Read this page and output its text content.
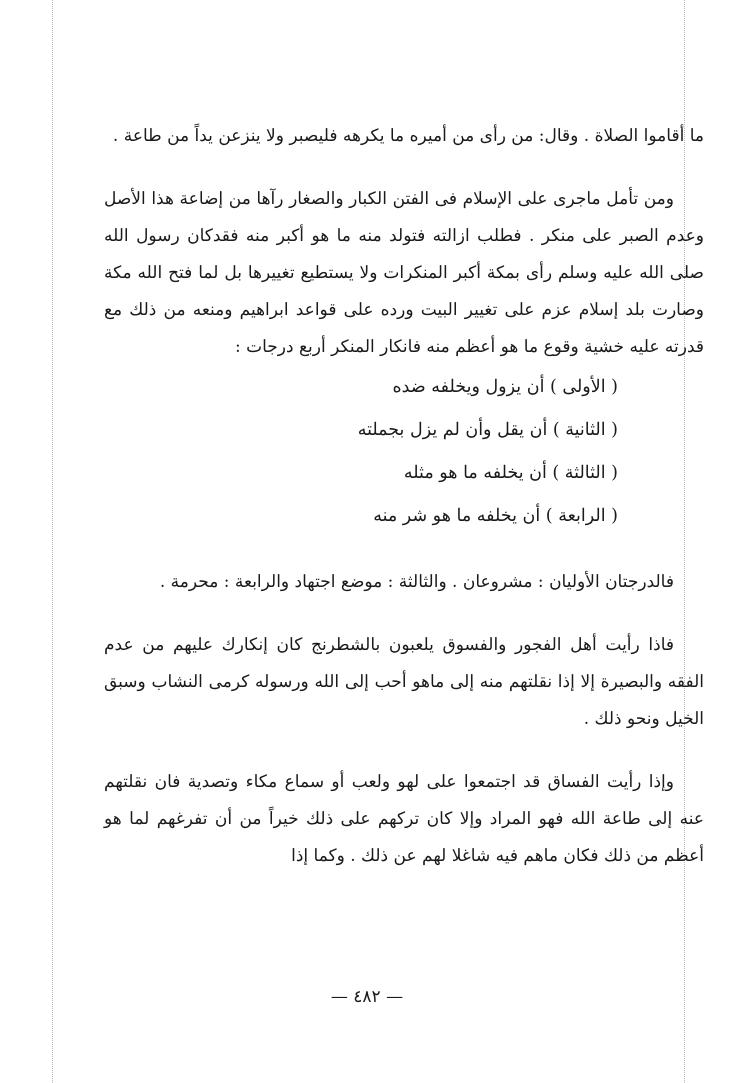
ما أقاموا الصلاة . وقال: من رأى من أميره ما يكرهه فليصبر ولا ينزعن يداً من طاعة .

ومن تأمل ماجرى على الإسلام فى الفتن الكبار والصغار رآها من إضاعة هذا الأصل وعدم الصبر على منكر . فطلب ازالته فتولد منه ما هو أكبر منه فقدكان رسول الله صلى الله عليه وسلم رأى بمكة أكبر المنكرات ولا يستطيع تغييرها بل لما فتح الله مكة وصارت بلد إسلام عزم على تغيير البيت ورده على قواعد ابراهيم ومنعه من ذلك مع قدرته عليه خشية وقوع ما هو أعظم منه فانكار المنكر أربع درجات :

( الأولى ) أن يزول ويخلفه ضده
( الثانية ) أن يقل وأن لم يزل بجملته
( الثالثة ) أن يخلفه ما هو مثله
( الرابعة ) أن يخلفه ما هو شر منه

فالدرجتان الأوليان : مشروعان . والثالثة : موضع اجتهاد والرابعة : محرمة .

فاذا رأيت أهل الفجور والفسوق يلعبون بالشطرنج كان إنكارك عليهم من عدم الفقه والبصيرة إلا إذا نقلتهم منه إلى ماهو أحب إلى الله ورسوله كرمى النشاب وسبق الخيل ونحو ذلك .

وإذا رأيت الفساق قد اجتمعوا على لهو ولعب أو سماع مكاء وتصدية فان نقلتهم عنه إلى طاعة الله فهو المراد وإلا كان تركهم على ذلك خيراً من أن تفرغهم لما هو أعظم من ذلك فكان ماهم فيه شاغلا لهم عن ذلك . وكما إذا

— ٤٨٢ —
